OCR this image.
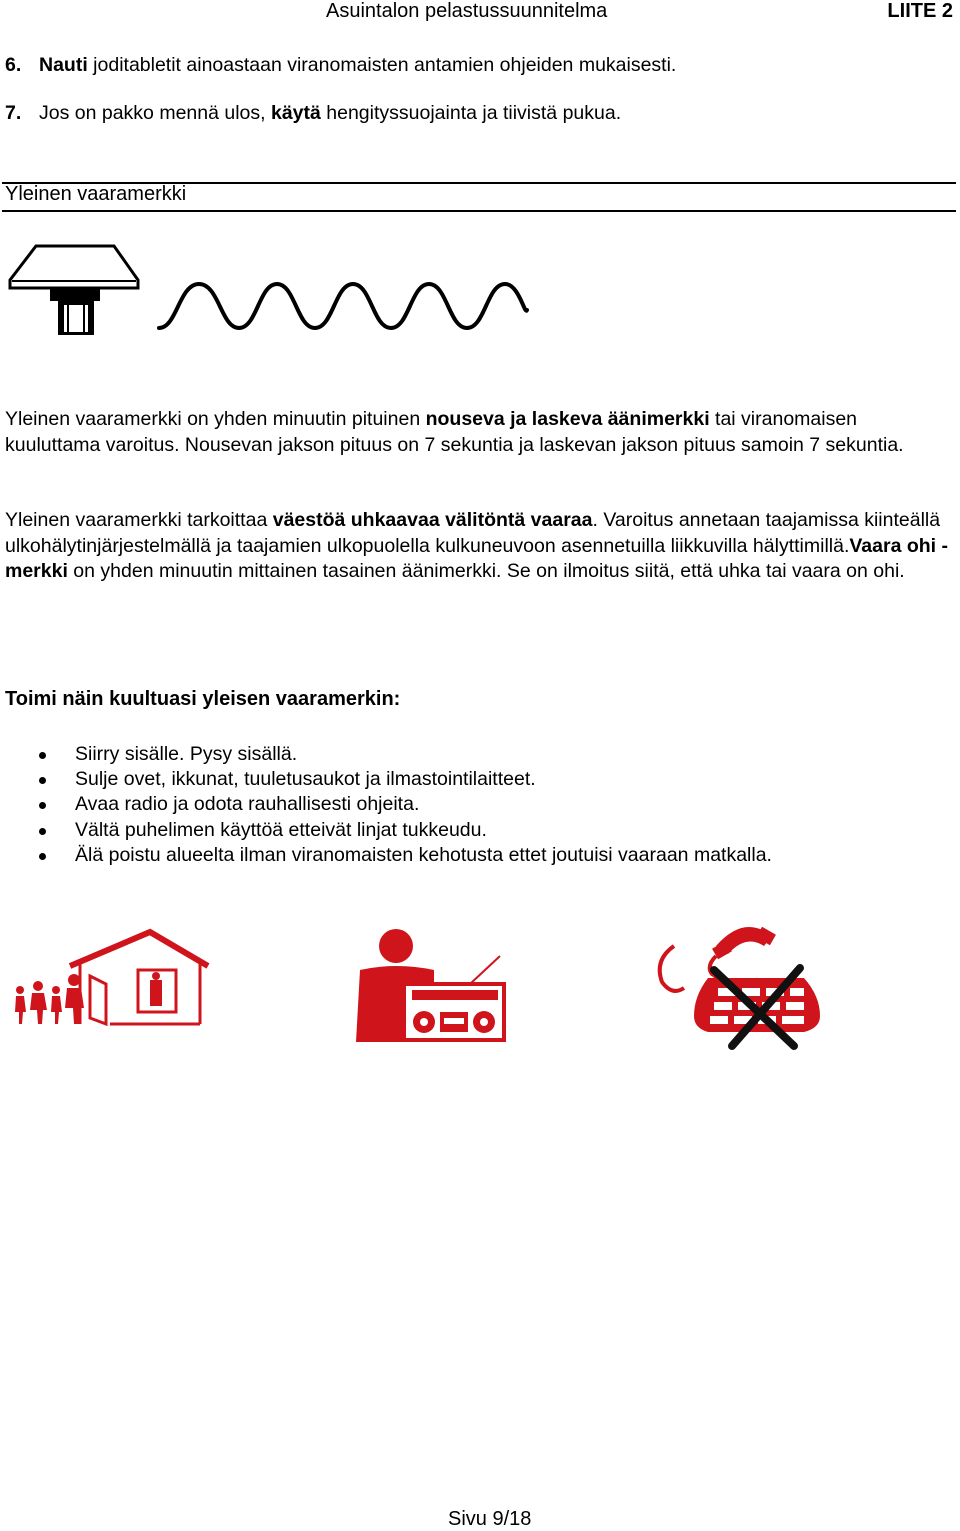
Asuintalon pelastussuunnitelma	LIITE 2
6. Nauti joditabletit ainoastaan viranomaisten antamien ohjeiden mukaisesti.
7. Jos on pakko mennä ulos, käytä hengityssuojainta ja tiivistä pukua.
Yleinen vaaramerkki
Yleinen vaaramerkki on yhden minuutin pituinen nouseva ja laskeva äänimerkki tai viranomaisen kuuluttama varoitus. Nousevan jakson pituus on 7 sekuntia ja laskevan jakson pituus samoin 7 sekuntia.
Yleinen vaaramerkki tarkoittaa väestöä uhkaavaa välitöntä vaaraa. Varoitus annetaan taajamissa kiinteällä ulkohälytinjärjestelmällä ja taajamien ulkopuolella kulkuneuvoon asennetuilla liikkuvilla hälyttimillä.Vaara ohi -merkki on yhden minuutin mittainen tasainen äänimerkki. Se on ilmoitus siitä, että uhka tai vaara on ohi.
Toimi näin kuultuasi yleisen vaaramerkin:
Siirry sisälle. Pysy sisällä.
Sulje ovet, ikkunat, tuuletusaukot ja ilmastointilaitteet.
Avaa radio ja odota rauhallisesti ohjeita.
Vältä puhelimen käyttöä etteivät linjat tukkeudu.
Älä poistu alueelta ilman viranomaisten kehotusta ettet joutuisi vaaraan matkalla.
Sivu 9/18
